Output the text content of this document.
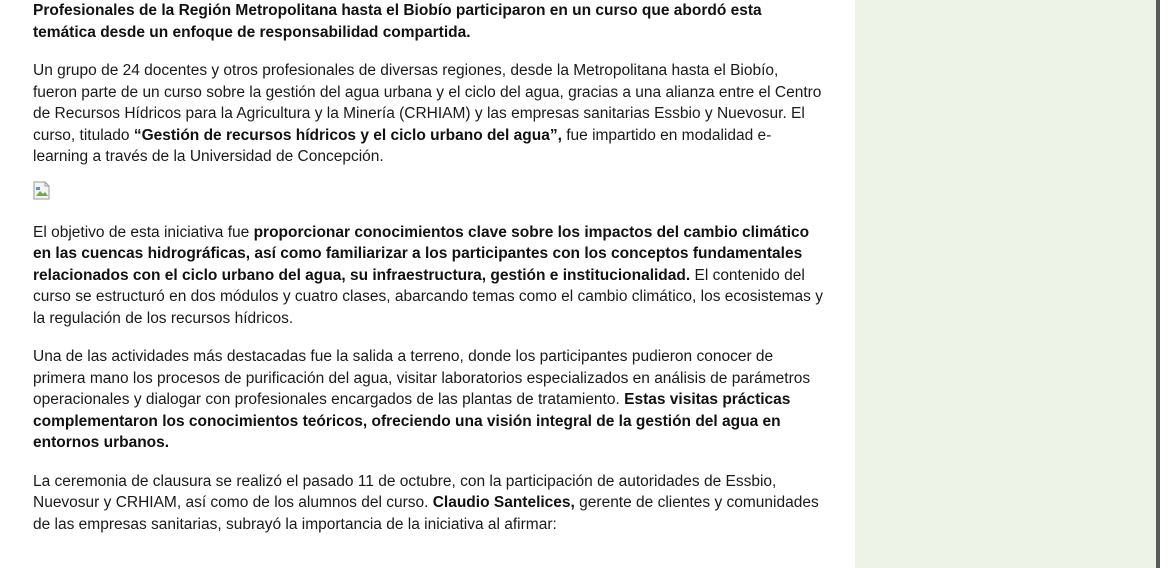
Profesionales de la Región Metropolitana hasta el Biobío participaron en un curso que abordó esta temática desde un enfoque de responsabilidad compartida.

Un grupo de 24 docentes y otros profesionales de diversas regiones, desde la Metropolitana hasta el Biobío, fueron parte de un curso sobre la gestión del agua urbana y el ciclo del agua, gracias a una alianza entre el Centro de Recursos Hídricos para la Agricultura y la Minería (CRHIAM) y las empresas sanitarias Essbio y Nuevosur. El curso, titulado “Gestión de recursos hídricos y el ciclo urbano del agua”, fue impartido en modalidad e-learning a través de la Universidad de Concepción.

El objetivo de esta iniciativa fue proporcionar conocimientos clave sobre los impactos del cambio climático en las cuencas hidrográficas, así como familiarizar a los participantes con los conceptos fundamentales relacionados con el ciclo urbano del agua, su infraestructura, gestión e institucionalidad. El contenido del curso se estructuró en dos módulos y cuatro clases, abarcando temas como el cambio climático, los ecosistemas y la regulación de los recursos hídricos.

Una de las actividades más destacadas fue la salida a terreno, donde los participantes pudieron conocer de primera mano los procesos de purificación del agua, visitar laboratorios especializados en análisis de parámetros operacionales y dialogar con profesionales encargados de las plantas de tratamiento. Estas visitas prácticas complementaron los conocimientos teóricos, ofreciendo una visión integral de la gestión del agua en entornos urbanos.

La ceremonia de clausura se realizó el pasado 11 de octubre, con la participación de autoridades de Essbio, Nuevosur y CRHIAM, así como de los alumnos del curso. Claudio Santelices, gerente de clientes y comunidades de las empresas sanitarias, subrayó la importancia de la iniciativa al afirmar:
